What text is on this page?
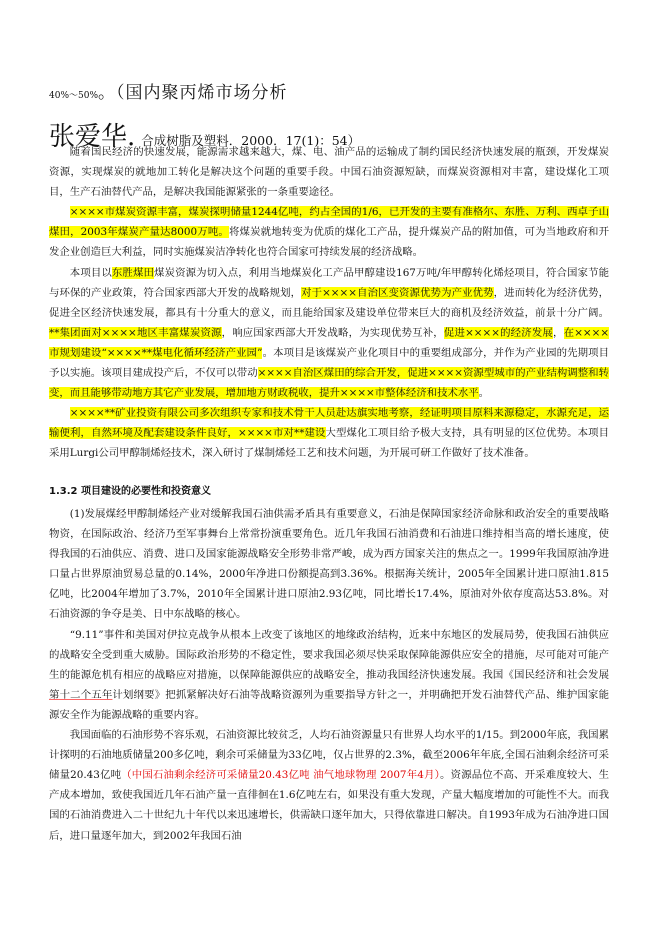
40%～50%。（国内聚丙烯市场分析
张爱华. 合成树脂及塑料．2000．17(1)：54）

随着国民经济的快速发展，能源需求越来越大，煤、电、油产品的运输成了制约国民经济快速发展的瓶颈，开发煤炭资源，实现煤炭的就地加工转化是解决这个问题的重要手段。中国石油资源短缺，而煤炭资源相对丰富，建设煤化工项目，生产石油替代产品，是解决我国能源紧张的一条重要途径。

××××市煤炭资源丰富，煤炭探明储量1244亿吨，约占全国的1/6，已开发的主要有准格尔、东胜、万利、西卓子山煤田，2003年煤炭产量达8000万吨。将煤炭就地转变为优质的煤化工产品，提升煤炭产品的附加值，可为当地政府和开发企业创造巨大利益，同时实施煤炭洁净转化也符合国家可持续发展的经济战略。

本项目以东胜煤田煤炭资源为切入点，利用当地煤炭化工产品甲醇建设167万吨/年甲醇转化烯烃项目，符合国家节能与环保的产业政策，符合国家西部大开发的战略规划，对于××××自治区变资源优势为产业优势，进而转化为经济优势，促进全区经济快速发展，都具有十分重大的意义，而且能给国家及建设单位带来巨大的商机及经济效益，前景十分广阔。**集团面对××××地区丰富煤炭资源，响应国家西部大开发战略，为实现优势互补，促进××××的经济发展，在××××市规划建设“××××**煤电化循环经济产业园”。本项目是该煤炭产业化项目中的重要组成部分，并作为产业园的先期项目予以实施。该项目建成投产后，不仅可以带动××××自治区煤田的综合开发，促进××××资源型城市的产业结构调整和转变，而且能够带动地方其它产业发展，增加地方财政税收，提升××××市整体经济和技术水平。

××××**矿业投资有限公司多次组织专家和技术骨干人员赴达旗实地考察，经证明项目原料来源稳定，水源充足，运输便利，自然环境及配套建设条件良好，××××市对**建设大型煤化工项目给予极大支持，具有明显的区位优势。本项目采用Lurgi公司甲醇制烯烃技术，深入研讨了煤制烯烃工艺和技术问题，为开展可研工作做好了技术准备。

1.3.2 项目建设的必要性和投资意义

(1)发展煤经甲醇制烯烃产业对缓解我国石油供需矛盾具有重要意义，石油是保障国家经济命脉和政治安全的重要战略物资，在国际政治、经济乃至军事舞台上常常扮演重要角色。近几年我国石油消费和石油进口维持相当高的增长速度，使得我国的石油供应、消费、进口及国家能源战略安全形势非常严峻，成为西方国家关注的焦点之一。1999年我国原油净进口量占世界原油贸易总量的0.14%，2000年净进口份额提高到3.36%。根据海关统计，2005年全国累计进口原油1.815亿吨，比2004年增加了3.7%，2010年全国累计进口原油2.93亿吨，同比增长17.4%，原油对外依存度高达53.8%。对石油资源的争夺是美、日中东战略的核心。

“9.11”事件和美国对伊拉克战争从根本上改变了该地区的地缘政治结构，近来中东地区的发展局势，使我国石油供应的战略安全受到重大威胁。国际政治形势的不稳定性，要求我国必须尽快采取保障能源供应安全的措施，尽可能对可能产生的能源危机有相应的战略应对措施，以保障能源供应的战略安全，推动我国经济快速发展。我国《国民经济和社会发展第十二个五年计划纲要》把抓紧解决好石油等战略资源列为重要指导方针之一，并明确把开发石油替代产品、维护国家能源安全作为能源战略的重要内容。

我国面临的石油形势不容乐观，石油资源比较贫乏，人均石油资源量只有世界人均水平的1/15。到2000年底，我国累计探明的石油地质储量200多亿吨，剩余可采储量为33亿吨，仅占世界的2.3%，截至2006年年底,全国石油剩余经济可采储量20.43亿吨（中国石油剩余经济可采储量20.43亿吨 油气地球物理 2007年4月）。资源品位不高、开采难度较大、生产成本增加，致使我国近几年石油产量一直徘徊在1.6亿吨左右，如果没有重大发现，产量大幅度增加的可能性不大。而我国的石油消费进入二十世纪九十年代以来迅速增长，供需缺口逐年加大，只得依靠进口解决。自1993年成为石油净进口国后，进口量逐年加大，到2002年我国石油
